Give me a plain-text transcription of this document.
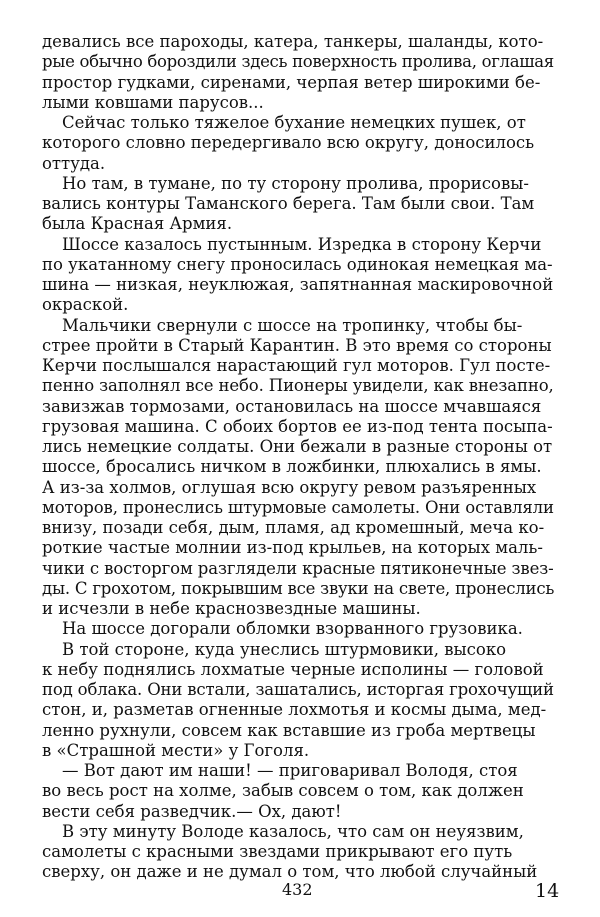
девались все пароходы, катера, танкеры, шаланды, кото-
рые обычно бороздили здесь поверхность пролива, оглашая
простор гудками, сиренами, черпая ветер широкими бе-
лыми ковшами парусов...
Сейчас только тяжелое бухание немецких пушек, от
которого словно передергивало всю округу, доносилось
оттуда.
Но там, в тумане, по ту сторону пролива, прорисовы-
вались контуры Таманского берега. Там были свои. Там
была Красная Армия.
Шоссе казалось пустынным. Изредка в сторону Керчи
по укатанному снегу проносилась одинокая немецкая ма-
шина — низкая, неуклюжая, запятнанная маскировочной
окраской.
Мальчики свернули с шоссе на тропинку, чтобы бы-
стрее пройти в Старый Карантин. В это время со стороны
Керчи послышался нарастающий гул моторов. Гул посте-
пенно заполнял все небо. Пионеры увидели, как внезапно,
завизжав тормозами, остановилась на шоссе мчавшаяся
грузовая машина. С обоих бортов ее из-под тента посыпа-
лись немецкие солдаты. Они бежали в разные стороны от
шоссе, бросались ничком в ложбинки, плюхались в ямы.
А из-за холмов, оглушая всю округу ревом разъяренных
моторов, пронеслись штурмовые самолеты. Они оставляли
внизу, позади себя, дым, пламя, ад кромешный, меча ко-
роткие частые молнии из-под крыльев, на которых маль-
чики с восторгом разглядели красные пятиконечные звез-
ды. С грохотом, покрывшим все звуки на свете, пронеслись
и исчезли в небе краснозвездные машины.
На шоссе догорали обломки взорванного грузовика.
В той стороне, куда унеслись штурмовики, высоко
к небу поднялись лохматые черные исполины — головой
под облака. Они встали, зашатались, исторгая грохочущий
стон, и, разметав огненные лохмотья и космы дыма, мед-
ленно рухнули, совсем как вставшие из гроба мертвецы
в «Страшной мести» у Гоголя.
— Вот дают им наши! — приговаривал Володя, стоя
во весь рост на холме, забыв совсем о том, как должен
вести себя разведчик.— Ох, дают!
В эту минуту Володе казалось, что сам он неуязвим,
самолеты с красными звездами прикрывают его путь
сверху, он даже и не думал о том, что любой случайный
432	14
